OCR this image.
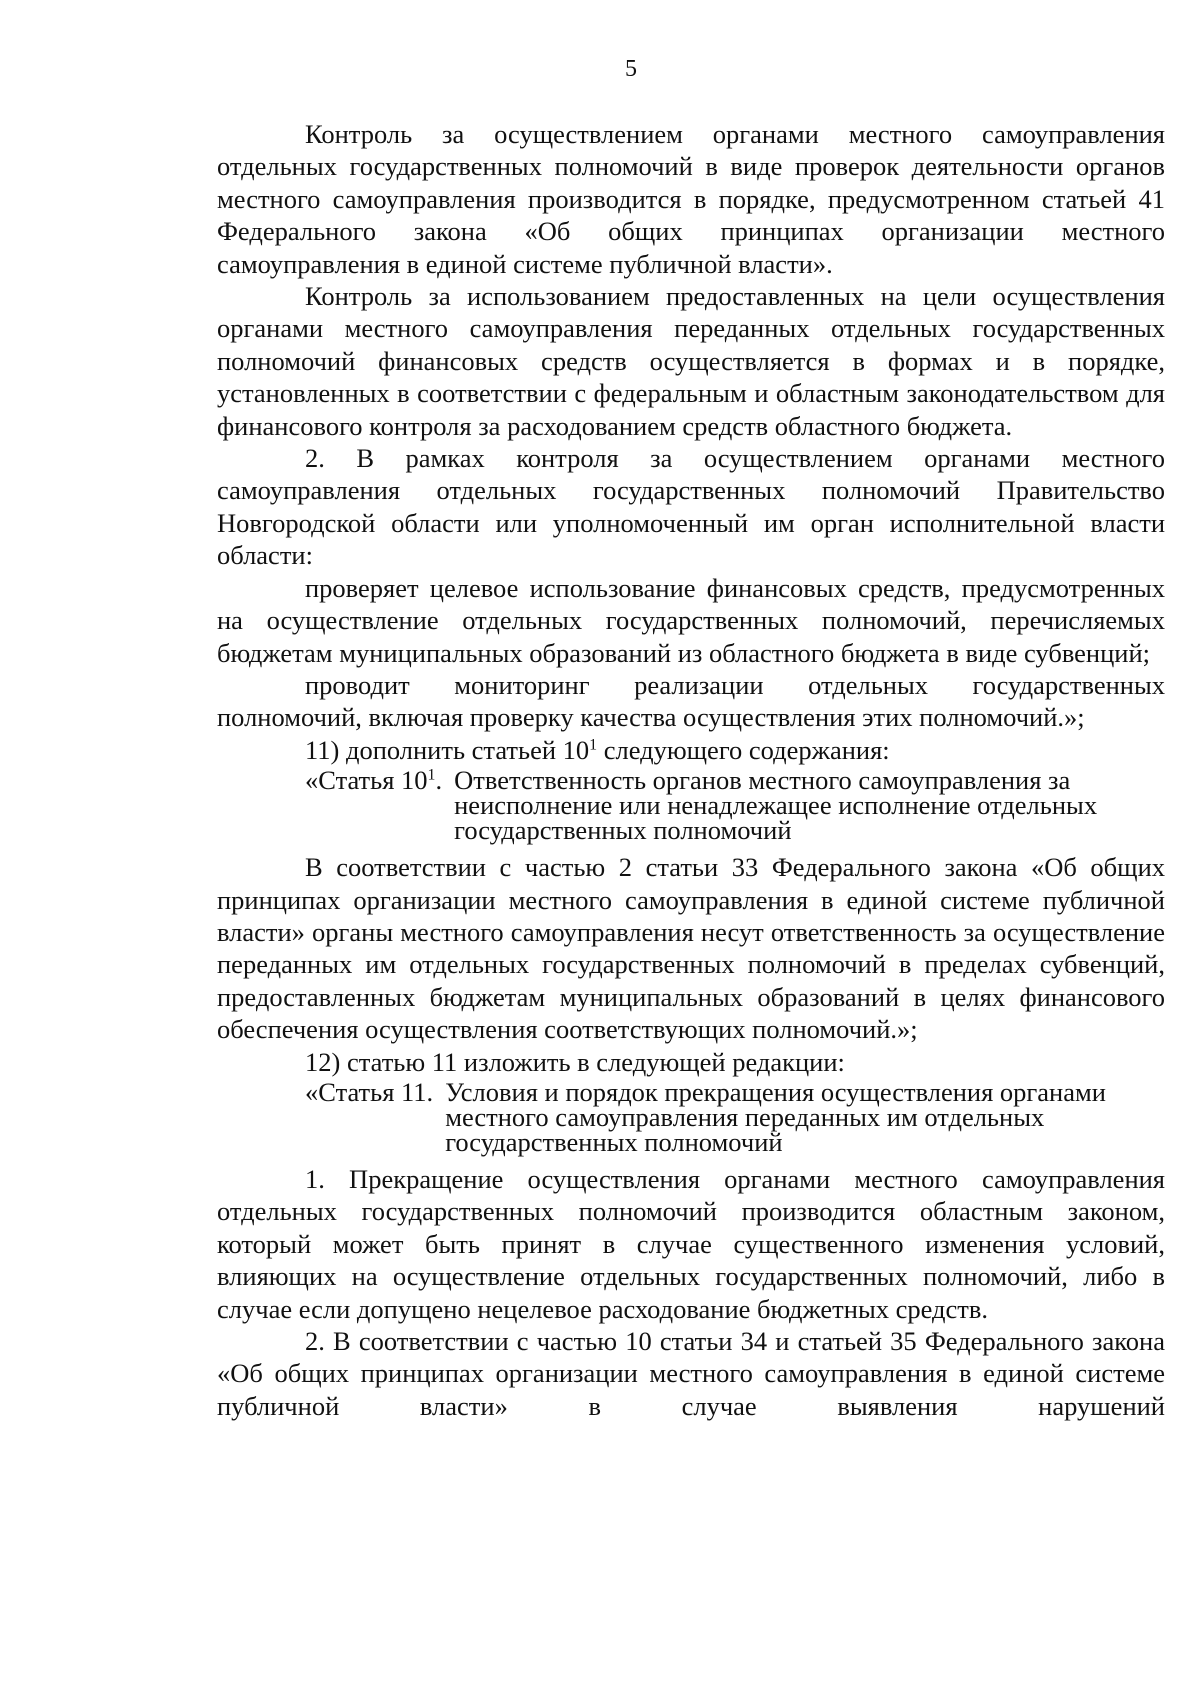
5

Контроль за осуществлением органами местного самоуправления отдельных государственных полномочий в виде проверок деятельности органов местного самоуправления производится в порядке, предусмотренном статьей 41 Федерального закона «Об общих принципах организации местного самоуправления в единой системе публичной власти».

Контроль за использованием предоставленных на цели осуществления органами местного самоуправления переданных отдельных государственных полномочий финансовых средств осуществляется в формах и в порядке, установленных в соответствии с федеральным и областным законодательством для финансового контроля за расходованием средств областного бюджета.

2. В рамках контроля за осуществлением органами местного самоуправления отдельных государственных полномочий Правительство Новгородской области или уполномоченный им орган исполнительной власти области:

проверяет целевое использование финансовых средств, предусмотренных на осуществление отдельных государственных полномочий, перечисляемых бюджетам муниципальных образований из областного бюджета в виде субвенций;

проводит мониторинг реализации отдельных государственных полномочий, включая проверку качества осуществления этих полномочий.»;

11) дополнить статьей $10^1$ следующего содержания:

«Статья $10^1$. Ответственность органов местного самоуправления за неисполнение или ненадлежащее исполнение отдельных государственных полномочий

В соответствии с частью 2 статьи 33 Федерального закона «Об общих принципах организации местного самоуправления в единой системе публичной власти» органы местного самоуправления несут ответственность за осуществление переданных им отдельных государственных полномочий в пределах субвенций, предоставленных бюджетам муниципальных образований в целях финансового обеспечения осуществления соответствующих полномочий.»;

12) статью 11 изложить в следующей редакции:

«Статья 11. Условия и порядок прекращения осуществления органами местного самоуправления переданных им отдельных государственных полномочий

1. Прекращение осуществления органами местного самоуправления отдельных государственных полномочий производится областным законом, который может быть принят в случае существенного изменения условий, влияющих на осуществление отдельных государственных полномочий, либо в случае если допущено нецелевое расходование бюджетных средств.

2. В соответствии с частью 10 статьи 34 и статьей 35 Федерального закона «Об общих принципах организации местного самоуправления в единой системе публичной власти» в случае выявления нарушений
